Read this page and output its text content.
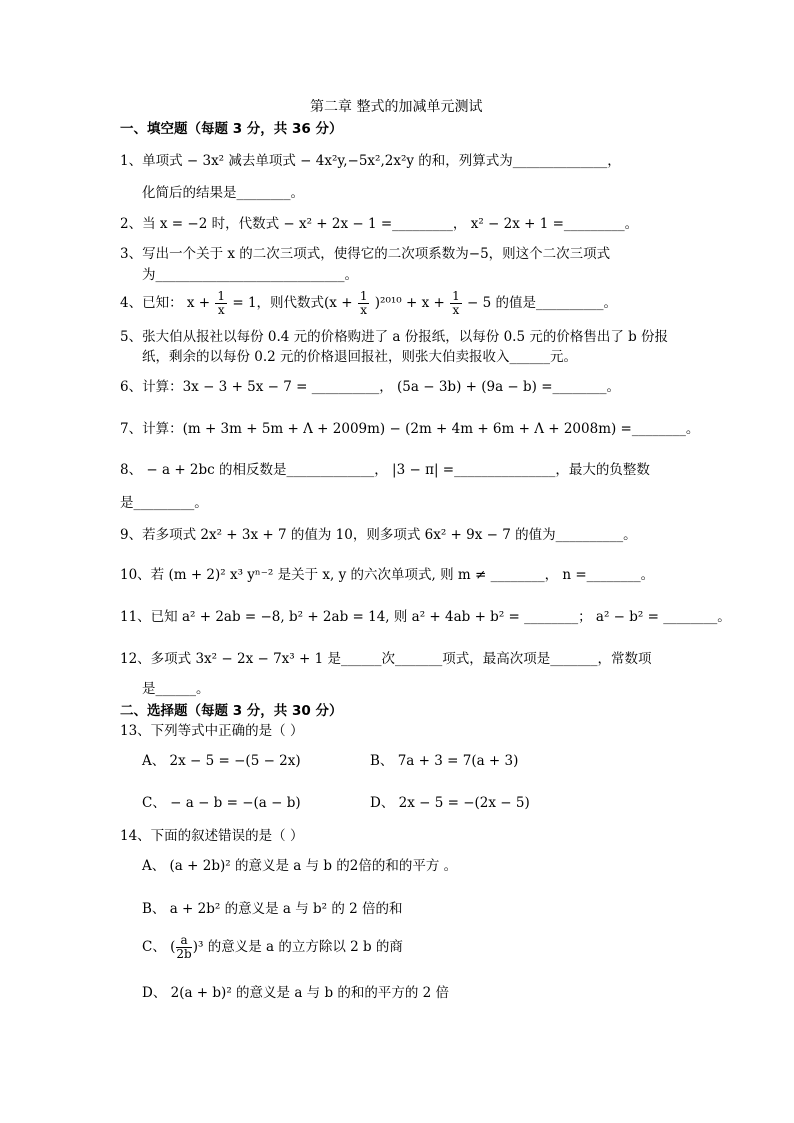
第二章 整式的加减单元测试
一、填空题（每题 3 分，共 36 分）
1、单项式 − 3x² 减去单项式 − 4x²y,−5x²,2x²y 的和，列算式为______________，
化简后的结果是________。
2、当 x = −2 时，代数式 − x² + 2x − 1 =_________， x² − 2x + 1 =_________。
3、写出一个关于 x 的二次三项式，使得它的二次项系数为−5，则这个二次三项式
为____________________________。
4、已知： $x + \frac{1}{x} = 1$，则代数式$(x + \frac{1}{x} )^{2010} + x + \frac{1}{x} - 5$ 的值是__________。
5、张大伯从报社以每份 0.4 元的价格购进了 a 份报纸，以每份 0.5 元的价格售出了 b 份报
纸，剩余的以每份 0.2 元的价格退回报社，则张大伯卖报收入______元。
6、计算：3x − 3 + 5x − 7 = __________， (5a − 3b) + (9a − b) =________。
7、计算：(m + 3m + 5m + Λ + 2009m) − (2m + 4m + 6m + Λ + 2008m) =________。
8、 − a + 2bc 的相反数是_____________， |3 − π| =_______________，最大的负整数
是_________。
9、若多项式 2x² + 3x + 7 的值为 10，则多项式 6x² + 9x − 7 的值为__________。
10、若 (m + 2)² x³ yⁿ⁻² 是关于 x, y 的六次单项式, 则 m ≠ ________， n =________。
11、已知 a² + 2ab = −8, b² + 2ab = 14, 则 a² + 4ab + b² = ________； a² − b² = ________。
12、多项式 3x² − 2x − 7x³ + 1 是______次_______项式，最高次项是_______，常数项
是______。
二、选择题（每题 3 分，共 30 分）
13、下列等式中正确的是（ ）
A、 2x − 5 = −(5 − 2x)	B、 7a + 3 = 7(a + 3)
C、 − a − b = −(a − b)	D、 2x − 5 = −(2x − 5)
14、下面的叙述错误的是（ ）
A、 (a + 2b)² 的意义是 a 与 b 的2倍的和的平方 。
B、 a + 2b² 的意义是 a 与 b² 的 2 倍的和
C、 ( $\frac{a}{2b} )^3$ 的意义是 a 的立方除以 2 b 的商
D、 2(a + b)² 的意义是 a 与 b 的和的平方的 2 倍
